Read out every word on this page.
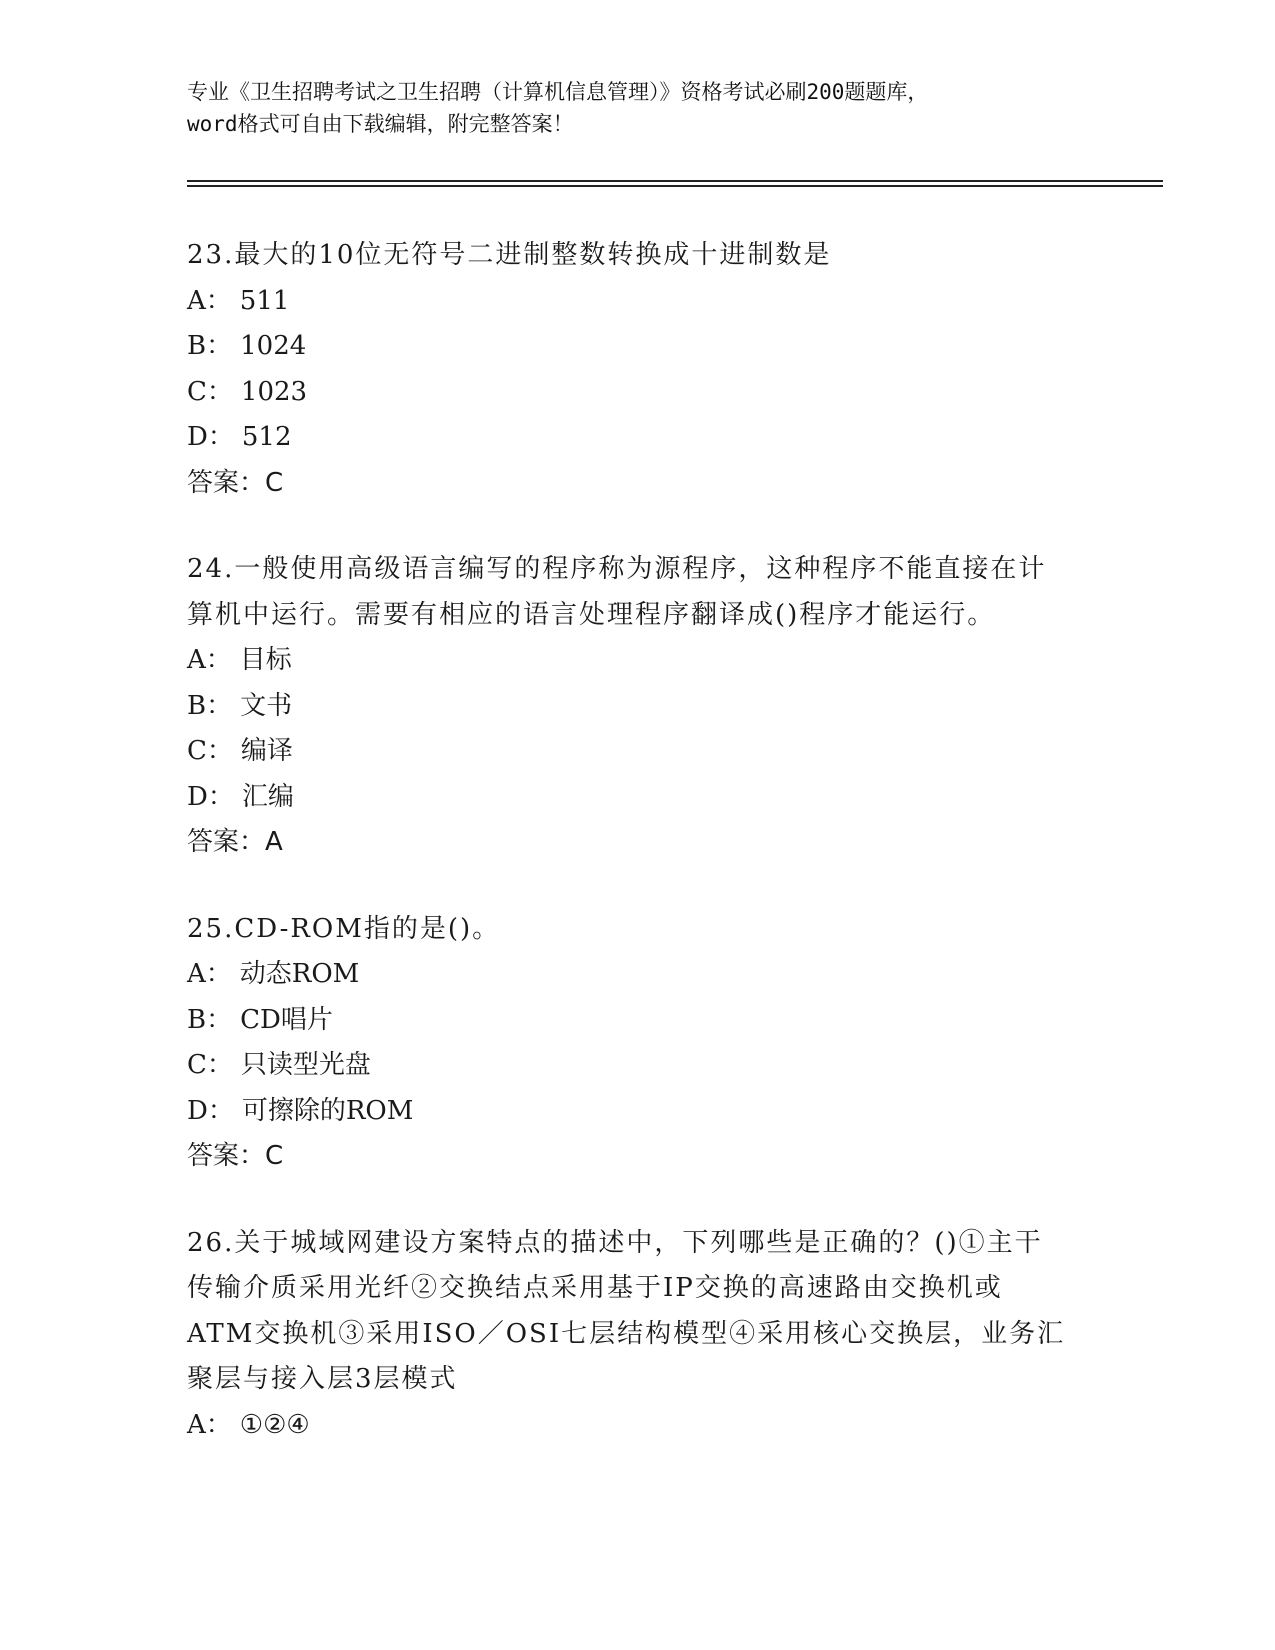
专业《卫生招聘考试之卫生招聘（计算机信息管理）》资格考试必刷200题题库，
word格式可自由下载编辑，附完整答案！
23.最大的10位无符号二进制整数转换成十进制数是
A： 511
B： 1024
C： 1023
D： 512
答案：C
24.一般使用高级语言编写的程序称为源程序，这种程序不能直接在计
算机中运行。需要有相应的语言处理程序翻译成()程序才能运行。
A： 目标
B： 文书
C： 编译
D： 汇编
答案：A
25.CD-ROM指的是()。
A： 动态ROM
B： CD唱片
C： 只读型光盘
D： 可擦除的ROM
答案：C
26.关于城域网建设方案特点的描述中，下列哪些是正确的？()①主干
传输介质采用光纤②交换结点采用基于IP交换的高速路由交换机或
ATM交换机③采用ISO／OSI七层结构模型④采用核心交换层，业务汇
聚层与接入层3层模式
A： ①②④
